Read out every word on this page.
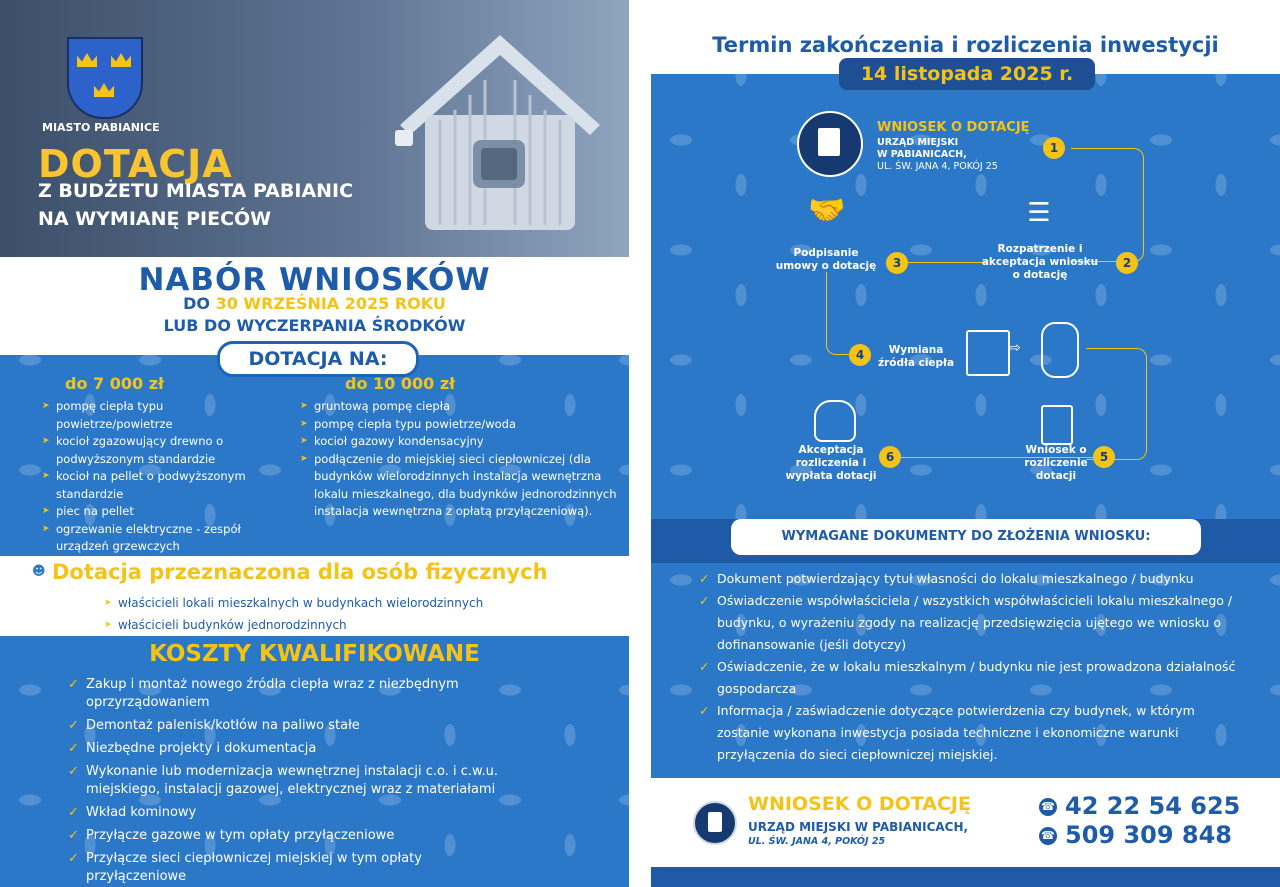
MIASTO PABIANICE
DOTACJA
Z BUDŻETU MIASTA PABIANIC
NA WYMIANĘ PIECÓW
NABÓR WNIOSKÓW
DO 30 WRZEŚNIA 2025 ROKU
LUB DO WYCZERPANIA ŚRODKÓW
DOTACJA NA:
do 7 000 zł
➤ pompę ciepła typu powietrze/powietrze
➤ kocioł zgazowujący drewno o podwyższonym standardzie
➤ kocioł na pellet o podwyższonym standardzie
➤ piec na pellet
➤ ogrzewanie elektryczne - zespół urządzeń grzewczych
do 10 000 zł
➤ gruntową pompę ciepła
➤ pompę ciepła typu powietrze/woda
➤ kocioł gazowy kondensacyjny
➤ podłączenie do miejskiej sieci ciepłowniczej (dla budynków wielorodzinnych instalacja wewnętrzna lokalu mieszkalnego, dla budynków jednorodzinnych instalacja wewnętrzna z opłatą przyłączeniową).
☻ Dotacja przeznaczona dla osób fizycznych
➤ właścicieli lokali mieszkalnych w budynkach wielorodzinnych
➤ właścicieli budynków jednorodzinnych
KOSZTY KWALIFIKOWANE
✓ Zakup i montaż nowego źródła ciepła wraz z niezbędnym oprzyrządowaniem
✓ Demontaż palenisk/kotłów na paliwo stałe
✓ Niezbędne projekty i dokumentacja
✓ Wykonanie lub modernizacja wewnętrznej instalacji c.o. i c.w.u. miejskiego, instalacji gazowej, elektrycznej wraz z materiałami
✓ Wkład kominowy
✓ Przyłącze gazowe w tym opłaty przyłączeniowe
✓ Przyłącze sieci ciepłowniczej miejskiej w tym opłaty przyłączeniowe
Termin zakończenia i rozliczenia inwestycji
14 listopada 2025 r.
WNIOSEK O DOTACJĘ
URZĄD MIEJSKI
W PABIANICACH,
UL. ŚW. JANA 4, POKÓJ 25
1
☰
Rozpatrzenie i akceptacja wniosku o dotację
2
🤝
Podpisanie umowy o dotację	3
4	Wymiana źródła ciepła
⇨
Wniosek o rozliczenie dotacji
5
Akceptacja rozliczenia i wypłata dotacji
6
WYMAGANE DOKUMENTY DO ZŁOŻENIA WNIOSKU:
✓ Dokument potwierdzający tytuł własności do lokalu mieszkalnego / budynku
✓ Oświadczenie współwłaściciela / wszystkich współwłaścicieli lokalu mieszkalnego / budynku, o wyrażeniu zgody na realizację przedsięwzięcia ujętego we wniosku o dofinansowanie (jeśli dotyczy)
✓ Oświadczenie, że w lokalu mieszkalnym / budynku nie jest prowadzona działalność gospodarcza
✓ Informacja / zaświadczenie dotyczące potwierdzenia czy budynek, w którym zostanie wykonana inwestycja posiada techniczne i ekonomiczne warunki przyłączenia do sieci ciepłowniczej miejskiej.
WNIOSEK O DOTACJĘ
URZĄD MIEJSKI W PABIANICACH,
UL. ŚW. JANA 4, POKÓJ 25
☎ 42 22 54 625
☎ 509 309 848
